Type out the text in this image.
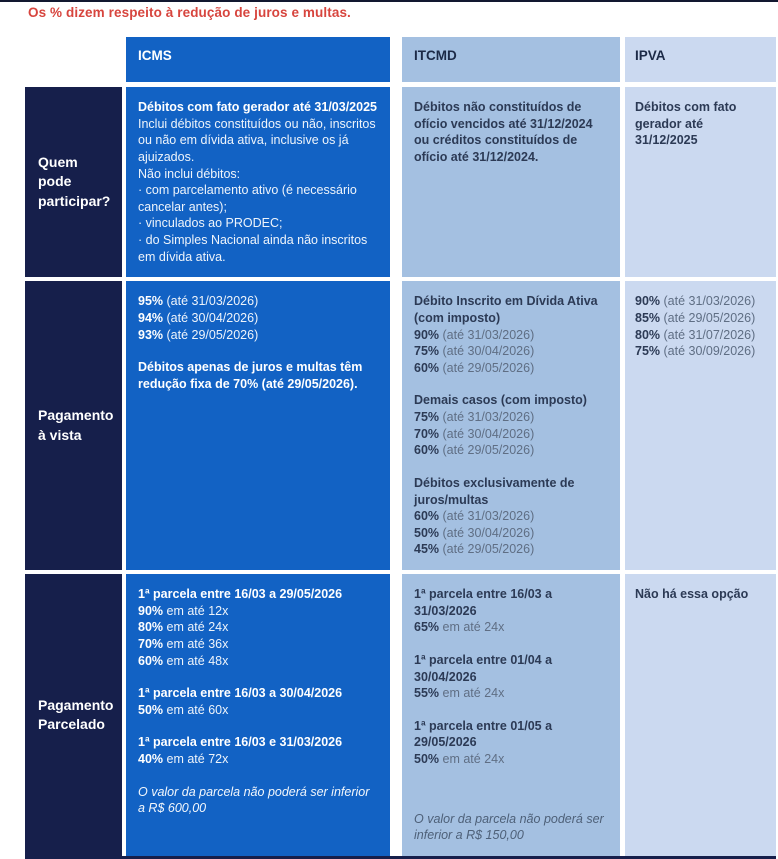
Os % dizem respeito à redução de juros e multas.
ICMS	ITCMD	IPVA
Quem pode participar?

Débitos com fato gerador até 31/03/2025

Inclui débitos constituídos ou não, inscritos ou não em dívida ativa, inclusive os já ajuizados.

Não inclui débitos:

· com parcelamento ativo (é necessário cancelar antes);

· vinculados ao PRODEC;

· do Simples Nacional ainda não inscritos em dívida ativa.

Débitos não constituídos de ofício vencidos até 31/12/2024 ou créditos constituídos de ofício até 31/12/2024.

Débitos com fato gerador até 31/12/2025

Pagamento à vista

95% (até 31/03/2026)

94% (até 30/04/2026)

93% (até 29/05/2026)

Débitos apenas de juros e multas têm redução fixa de 70% (até 29/05/2026).

Débito Inscrito em Dívida Ativa (com imposto)

90% (até 31/03/2026)

75% (até 30/04/2026)

60% (até 29/05/2026)

Demais casos (com imposto)

75% (até 31/03/2026)

70% (até 30/04/2026)

60% (até 29/05/2026)

Débitos exclusivamente de juros/multas

60% (até 31/03/2026)

50% (até 30/04/2026)

45% (até 29/05/2026)

90% (até 31/03/2026)

85% (até 29/05/2026)

80% (até 31/07/2026)

75% (até 30/09/2026)

Pagamento Parcelado

1ª parcela entre 16/03 a 29/05/2026

90% em até 12x

80% em até 24x

70% em até 36x

60% em até 48x

1ª parcela entre 16/03 a 30/04/2026

50% em até 60x

1ª parcela entre 16/03 e 31/03/2026

40% em até 72x

O valor da parcela não poderá ser inferior a R$ 600,00

1ª parcela entre 16/03 a 31/03/2026

65% em até 24x

1ª parcela entre 01/04 a 30/04/2026

55% em até 24x

1ª parcela entre 01/05 a 29/05/2026

50% em até 24x

O valor da parcela não poderá ser inferior a R$ 150,00

Não há essa opção
